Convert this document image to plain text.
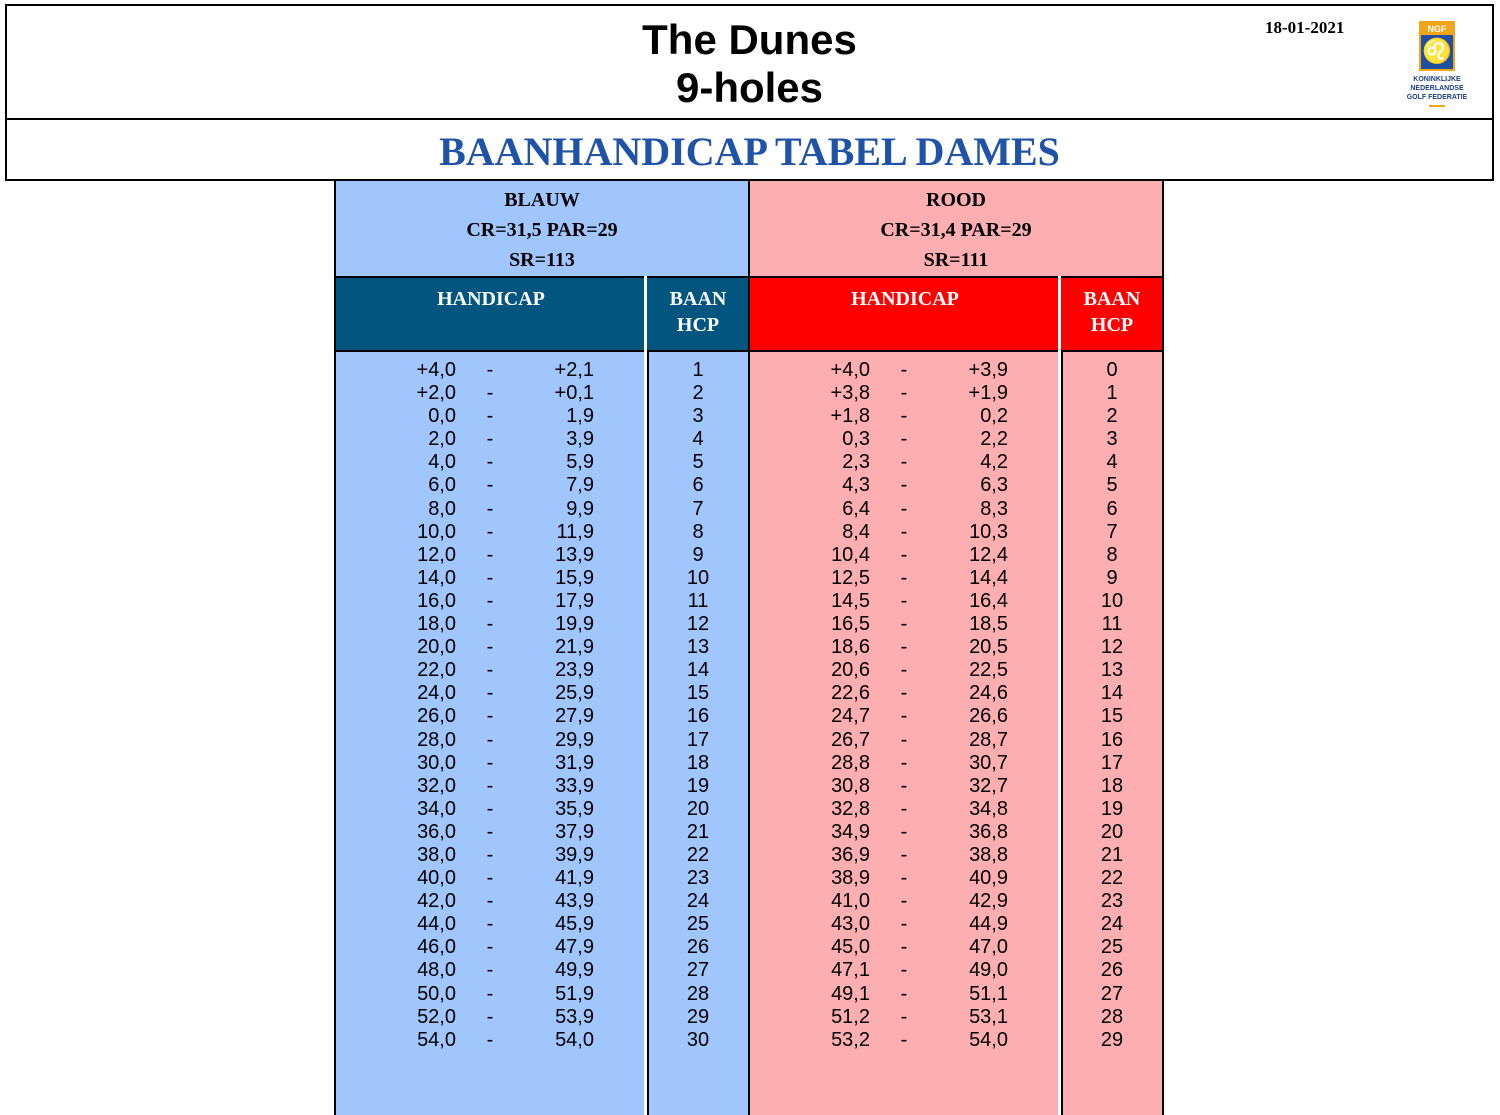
The Dunes
9-holes
18-01-2021	NGF
♌
KONINKLIJKE
NEDERLANDSE
GOLF FEDERATIE
BAANHANDICAP TABEL DAMES
BLAUW
CR=31,5 PAR=29
SR=113
HANDICAP	BAAN
HCP
+4,0 -	+2,1	1
+2,0 -	+0,1	2
0,0 -	1,9	3
2,0 -	3,9	4
4,0 -	5,9	5
6,0 -	7,9	6
8,0 -	9,9	7
10,0 -	11,9	8
12,0 -	13,9	9
14,0 -	15,9	10
16,0 -	17,9	11
18,0 -	19,9	12
20,0 -	21,9	13
22,0 -	23,9	14
24,0 -	25,9	15
26,0 -	27,9	16
28,0 -	29,9	17
30,0 -	31,9	18
32,0 -	33,9	19
34,0 -	35,9	20
36,0 -	37,9	21
38,0 -	39,9	22
40,0 -	41,9	23
42,0 -	43,9	24
44,0 -	45,9	25
46,0 -	47,9	26
48,0 -	49,9	27
50,0 -	51,9	28
52,0 -	53,9	29
54,0 -	54,0	30
ROOD
CR=31,4 PAR=29
SR=111
HANDICAP	BAAN
HCP
+4,0 -	+3,9	0
+3,8 -	+1,9	1
+1,8 -	0,2	2
0,3 -	2,2	3
2,3 -	4,2	4
4,3 -	6,3	5
6,4 -	8,3	6
8,4 -	10,3	7
10,4 -	12,4	8
12,5 -	14,4	9
14,5 -	16,4	10
16,5 -	18,5	11
18,6 -	20,5	12
20,6 -	22,5	13
22,6 -	24,6	14
24,7 -	26,6	15
26,7 -	28,7	16
28,8 -	30,7	17
30,8 -	32,7	18
32,8 -	34,8	19
34,9 -	36,8	20
36,9 -	38,8	21
38,9 -	40,9	22
41,0 -	42,9	23
43,0 -	44,9	24
45,0 -	47,0	25
47,1 -	49,0	26
49,1 -	51,1	27
51,2 -	53,1	28
53,2 -	54,0	29
